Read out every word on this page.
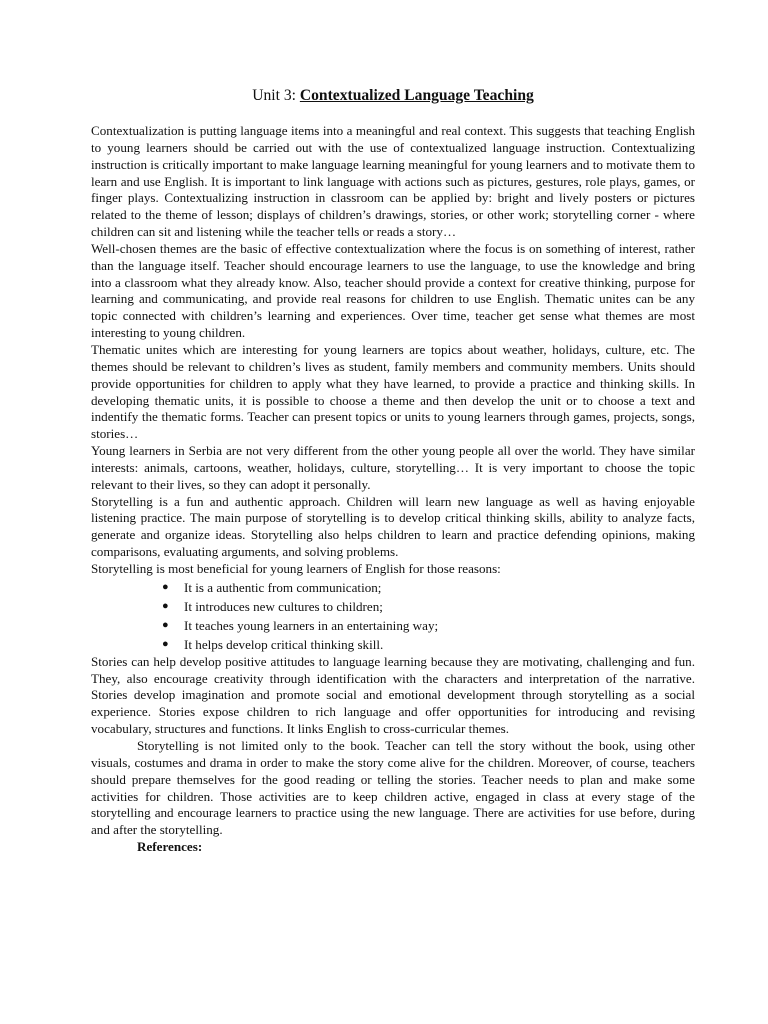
Unit 3: Contextualized Language Teaching

Contextualization is putting language items into a meaningful and real context. This suggests that teaching English to young learners should be carried out with the use of contextualized language instruction. Contextualizing instruction is critically important to make language learning meaningful for young learners and to motivate them to learn and use English. It is important to link language with actions such as pictures, gestures, role plays, games, or finger plays. Contextualizing instruction in classroom can be applied by: bright and lively posters or pictures related to the theme of lesson; displays of children’s drawings, stories, or other work; storytelling corner - where children can sit and listening while the teacher tells or reads a story…

Well-chosen themes are the basic of effective contextualization where the focus is on something of interest, rather than the language itself. Teacher should encourage learners to use the language, to use the knowledge and bring into a classroom what they already know. Also, teacher should provide a context for creative thinking, purpose for learning and communicating, and provide real reasons for children to use English. Thematic unites can be any topic connected with children’s learning and experiences. Over time, teacher get sense what themes are most interesting to young children.

Thematic unites which are interesting for young learners are topics about weather, holidays, culture, etc. The themes should be relevant to children’s lives as student, family members and community members. Units should provide opportunities for children to apply what they have learned, to provide a practice and thinking skills. In developing thematic units, it is possible to choose a theme and then develop the unit or to choose a text and indentify the thematic forms. Teacher can present topics or units to young learners through games, projects, songs, stories…

Young learners in Serbia are not very different from the other young people all over the world. They have similar interests: animals, cartoons, weather, holidays, culture, storytelling… It is very important to choose the topic relevant to their lives, so they can adopt it personally.

Storytelling is a fun and authentic approach. Children will learn new language as well as having enjoyable listening practice. The main purpose of storytelling is to develop critical thinking skills, ability to analyze facts, generate and organize ideas. Storytelling also helps children to learn and practice defending opinions, making comparisons, evaluating arguments, and solving problems.

Storytelling is most beneficial for young learners of English for those reasons:

● It is a authentic from communication;
● It introduces new cultures to children;
● It teaches young learners in an entertaining way;
● It helps develop critical thinking skill.

Stories can help develop positive attitudes to language learning because they are motivating, challenging and fun. They, also encourage creativity through identification with the characters and interpretation of the narrative. Stories develop imagination and promote social and emotional development through storytelling as a social experience. Stories expose children to rich language and offer opportunities for introducing and revising vocabulary, structures and functions. It links English to cross-curricular themes.

Storytelling is not limited only to the book. Teacher can tell the story without the book, using other visuals, costumes and drama in order to make the story come alive for the children. Moreover, of course, teachers should prepare themselves for the good reading or telling the stories. Teacher needs to plan and make some activities for children. Those activities are to keep children active, engaged in class at every stage of the storytelling and encourage learners to practice using the new language. There are activities for use before, during and after the storytelling.

References:
